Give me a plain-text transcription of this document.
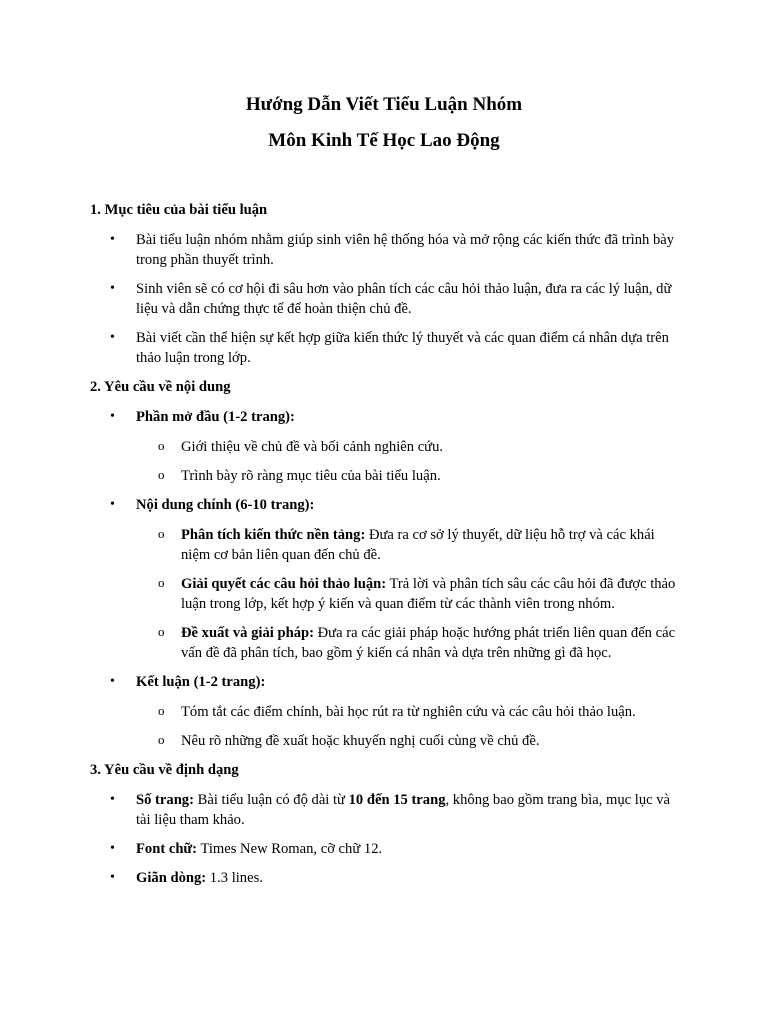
Hướng Dẫn Viết Tiểu Luận Nhóm
Môn Kinh Tế Học Lao Động
1. Mục tiêu của bài tiểu luận
• Bài tiểu luận nhóm nhằm giúp sinh viên hệ thống hóa và mở rộng các kiến thức đã trình bày trong phần thuyết trình.
• Sinh viên sẽ có cơ hội đi sâu hơn vào phân tích các câu hỏi thảo luận, đưa ra các lý luận, dữ liệu và dẫn chứng thực tế để hoàn thiện chủ đề.
• Bài viết cần thể hiện sự kết hợp giữa kiến thức lý thuyết và các quan điểm cá nhân dựa trên thảo luận trong lớp.
2. Yêu cầu về nội dung
• Phần mở đầu (1-2 trang):
o Giới thiệu về chủ đề và bối cảnh nghiên cứu.
o Trình bày rõ ràng mục tiêu của bài tiểu luận.
• Nội dung chính (6-10 trang):
o Phân tích kiến thức nền tảng: Đưa ra cơ sở lý thuyết, dữ liệu hỗ trợ và các khái niệm cơ bản liên quan đến chủ đề.
o Giải quyết các câu hỏi thảo luận: Trả lời và phân tích sâu các câu hỏi đã được thảo luận trong lớp, kết hợp ý kiến và quan điểm từ các thành viên trong nhóm.
o Đề xuất và giải pháp: Đưa ra các giải pháp hoặc hướng phát triển liên quan đến các vấn đề đã phân tích, bao gồm ý kiến cá nhân và dựa trên những gì đã học.
• Kết luận (1-2 trang):
o Tóm tắt các điểm chính, bài học rút ra từ nghiên cứu và các câu hỏi thảo luận.
o Nêu rõ những đề xuất hoặc khuyến nghị cuối cùng về chủ đề.
3. Yêu cầu về định dạng
• Số trang: Bài tiểu luận có độ dài từ 10 đến 15 trang, không bao gồm trang bìa, mục lục và tài liệu tham khảo.
• Font chữ: Times New Roman, cỡ chữ 12.
• Giãn dòng: 1.3 lines.
